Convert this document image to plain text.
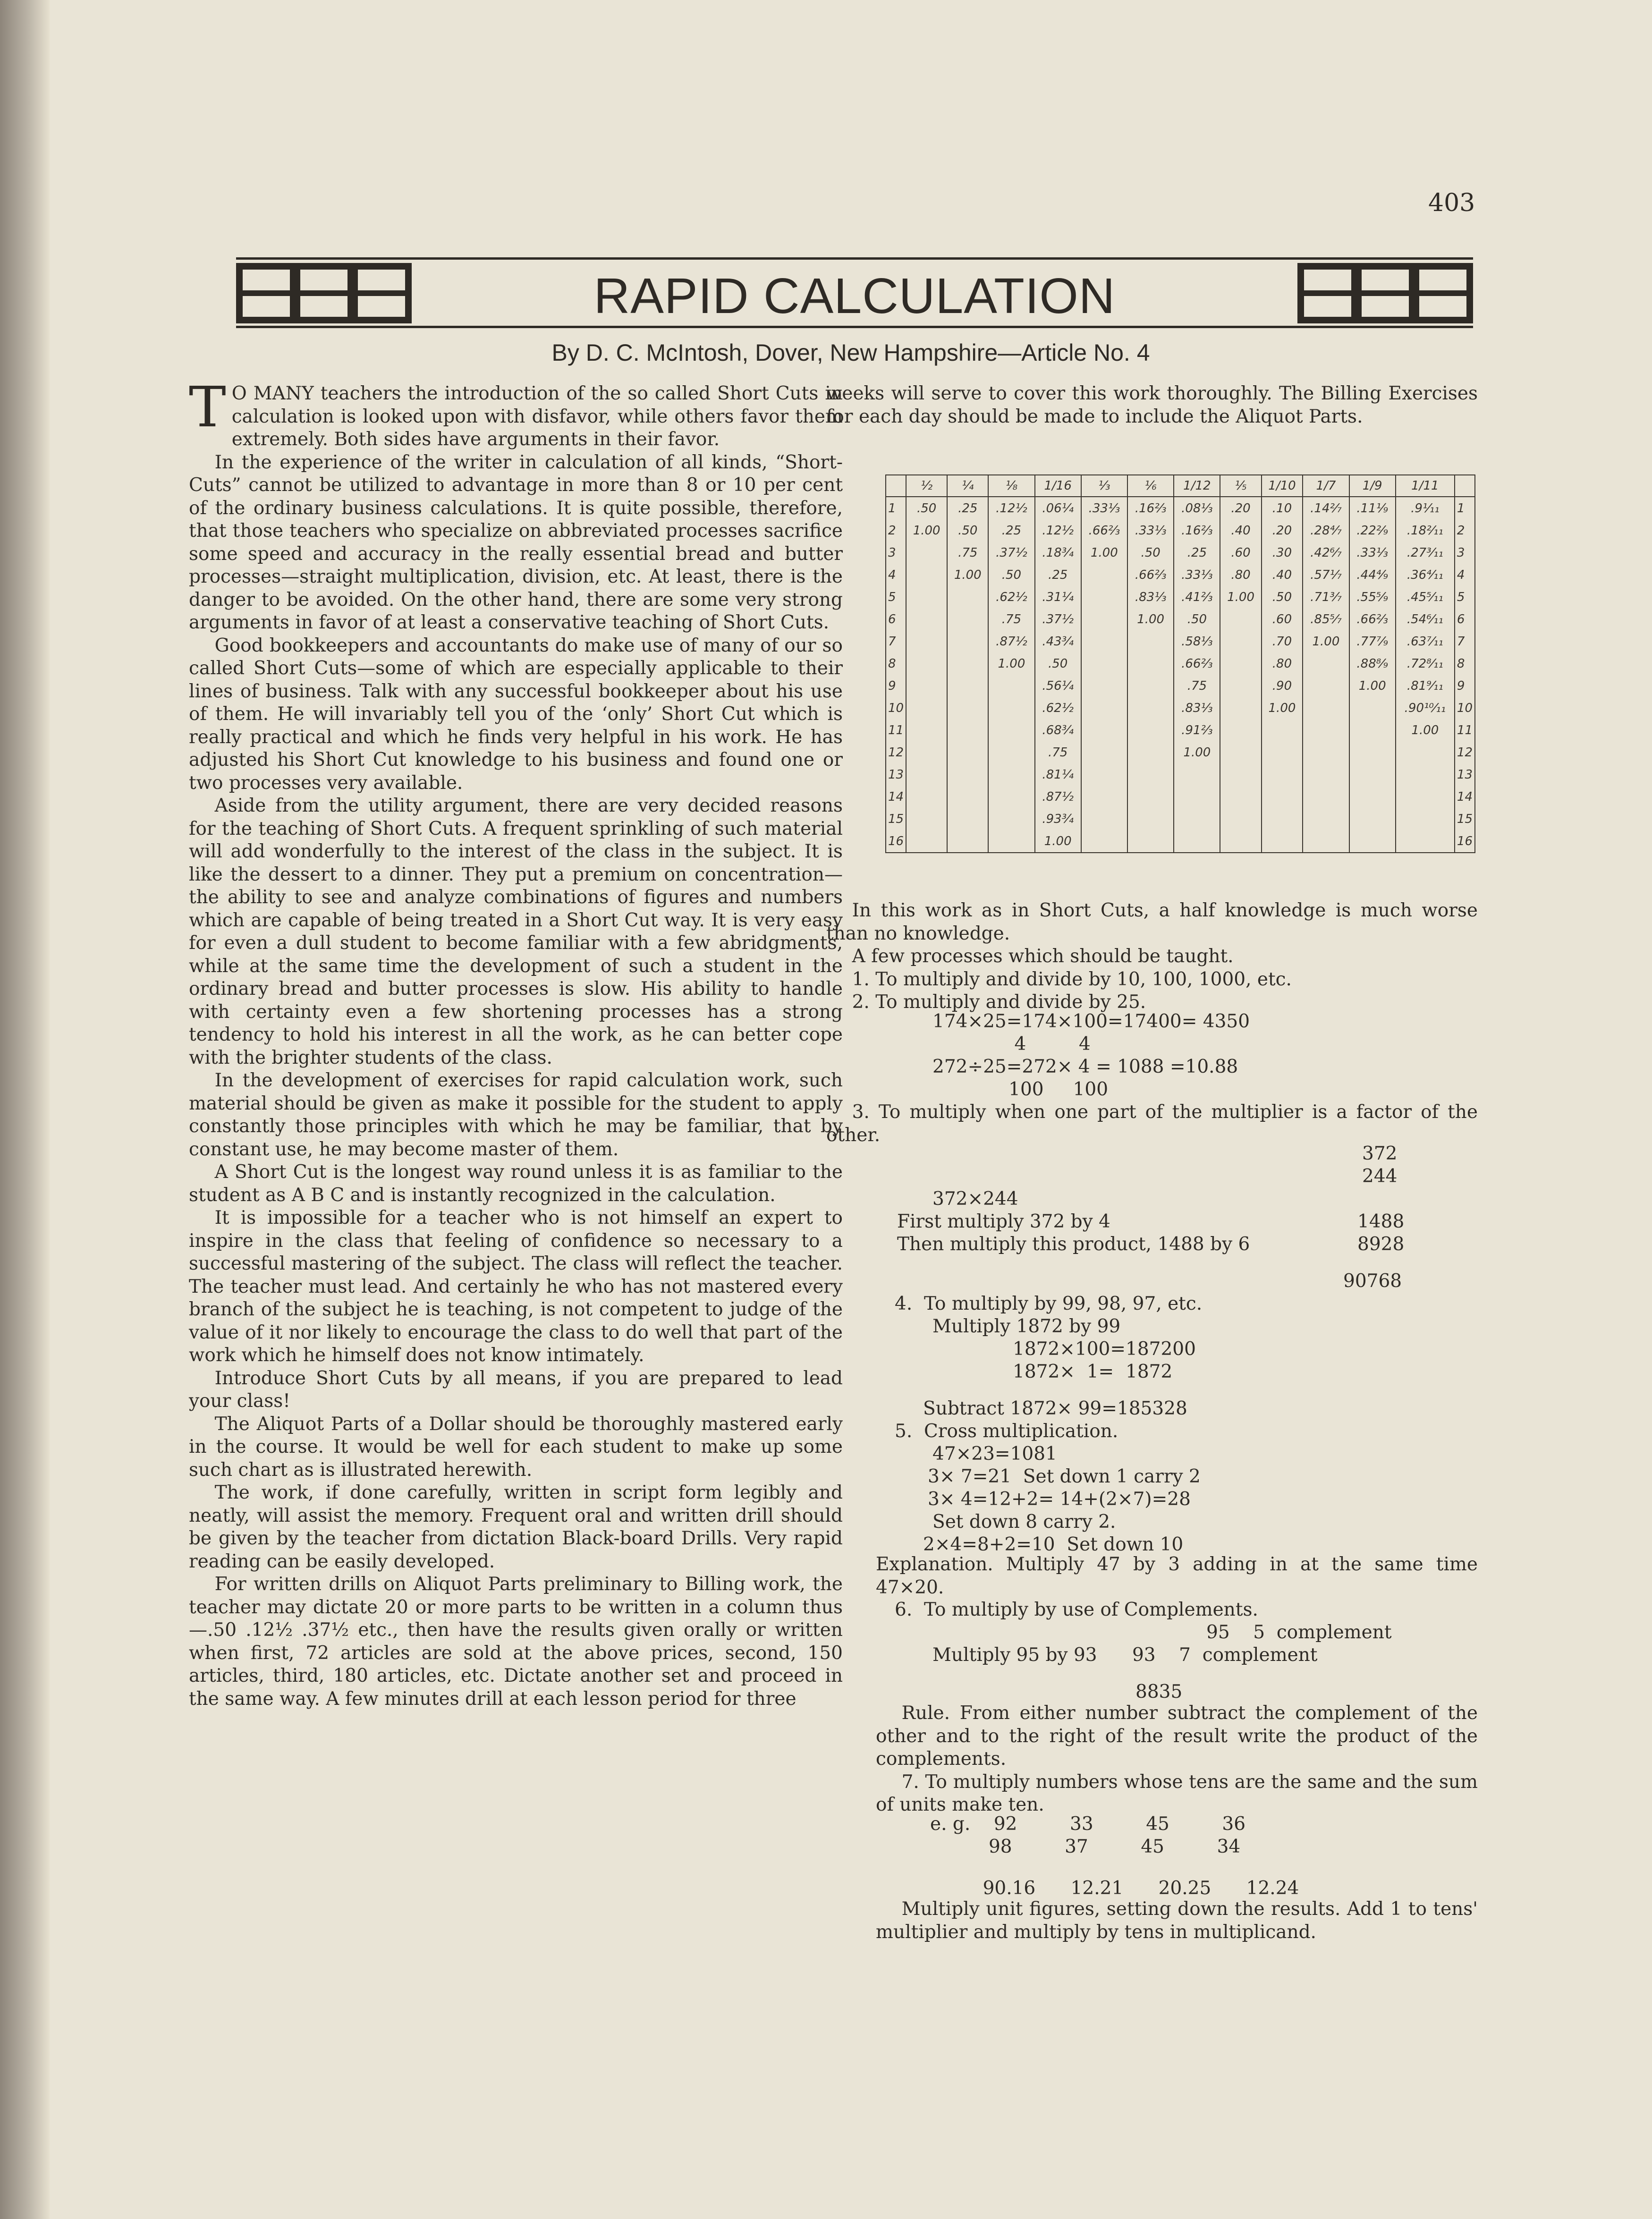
403
RAPID CALCULATION
By D. C. McIntosh, Dover, New Hampshire—Article No. 4

T O MANY teachers the introduction of the so called Short Cuts in calculation is looked upon with disfavor, while others favor them extremely. Both sides have arguments in their favor.

In the experience of the writer in calculation of all kinds, “Short-Cuts” cannot be utilized to advantage in more than 8 or 10 per cent of the ordinary business calculations. It is quite possible, therefore, that those teachers who specialize on abbreviated processes sacrifice some speed and accuracy in the really essential bread and butter processes—straight multiplication, division, etc. At least, there is the danger to be avoided. On the other hand, there are some very strong arguments in favor of at least a conservative teaching of Short Cuts.

Good bookkeepers and accountants do make use of many of our so called Short Cuts—some of which are especially applicable to their lines of business. Talk with any successful bookkeeper about his use of them. He will invariably tell you of the ‘only’ Short Cut which is really practical and which he finds very helpful in his work. He has adjusted his Short Cut knowledge to his business and found one or two processes very available.

Aside from the utility argument, there are very decided reasons for the teaching of Short Cuts. A frequent sprinkling of such material will add wonderfully to the interest of the class in the subject. It is like the dessert to a dinner. They put a premium on concentration—the ability to see and analyze combinations of figures and numbers which are capable of being treated in a Short Cut way. It is very easy for even a dull student to become familiar with a few abridgments, while at the same time the development of such a student in the ordinary bread and butter processes is slow. His ability to handle with certainty even a few shortening processes has a strong tendency to hold his interest in all the work, as he can better cope with the brighter students of the class.

In the development of exercises for rapid calculation work, such material should be given as make it possible for the student to apply constantly those principles with which he may be familiar, that by constant use, he may become master of them.

A Short Cut is the longest way round unless it is as familiar to the student as A B C and is instantly recognized in the calculation.

It is impossible for a teacher who is not himself an expert to inspire in the class that feeling of confidence so necessary to a successful mastering of the subject. The class will reflect the teacher. The teacher must lead. And certainly he who has not mastered every branch of the subject he is teaching, is not competent to judge of the value of it nor likely to encourage the class to do well that part of the work which he himself does not know intimately.

Introduce Short Cuts by all means, if you are prepared to lead your class!

The Aliquot Parts of a Dollar should be thoroughly mastered early in the course. It would be well for each student to make up some such chart as is illustrated herewith.

The work, if done carefully, written in script form legibly and neatly, will assist the memory. Frequent oral and written drill should be given by the teacher from dictation Black-board Drills. Very rapid reading can be easily developed.

For written drills on Aliquot Parts preliminary to Billing work, the teacher may dictate 20 or more parts to be written in a column thus—.50 .12½ .37½ etc., then have the results given orally or written when first, 72 articles are sold at the above prices, second, 150 articles, third, 180 articles, etc. Dictate another set and proceed in the same way. A few minutes drill at each lesson period for three

weeks will serve to cover this work thoroughly. The Billing Exercises for each day should be made to include the Aliquot Parts.

	½	¼	⅛	1/16	⅓	⅙	1/12	⅕	1/10	1/7	1/9	1/11	
1	.50	.25	.12½	.06¼	.33⅓	.16⅔	.08⅓	.20	.10	.14²⁄₇	.11⅑	.9¹⁄₁₁	1
2	1.00	.50	.25	.12½	.66⅔	.33⅓	.16⅔	.40	.20	.28⁴⁄₇	.22²⁄₉	.18²⁄₁₁	2
3		.75	.37½	.18¾	1.00	.50	.25	.60	.30	.42⁶⁄₇	.33⅓	.27³⁄₁₁	3
4		1.00	.50	.25		.66⅔	.33⅓	.80	.40	.57¹⁄₇	.44⁴⁄₉	.36⁴⁄₁₁	4
5			.62½	.31¼		.83⅓	.41⅔	1.00	.50	.71³⁄₇	.55⁵⁄₉	.45⁵⁄₁₁	5
6			.75	.37½		1.00	.50		.60	.85⁵⁄₇	.66⅔	.54⁶⁄₁₁	6
7			.87½	.43¾			.58⅓		.70	1.00	.77⁷⁄₉	.63⁷⁄₁₁	7
8			1.00	.50			.66⅔		.80		.88⁸⁄₉	.72⁸⁄₁₁	8
9				.56¼			.75		.90		1.00	.81⁹⁄₁₁	9
10				.62½			.83⅓		1.00			.90¹⁰⁄₁₁	10
11				.68¾			.91⅔					1.00	11
12				.75			1.00						12
13				.81¼									13
14				.87½									14
15				.93¾									15
16				1.00									16

In this work as in Short Cuts, a half knowledge is much worse than no knowledge.

A few processes which should be taught.

1. To multiply and divide by 10, 100, 1000, etc.
2. To multiply and divide by 25.
174×25=174×100=17400= 4350
4         4
272÷25=272× 4 = 1088 =10.88
100     100

3. To multiply when one part of the multiplier is a factor of the other.

372
244
372×244
First multiply 372 by 4	1488
Then multiply this product, 1488 by 6	8928
90768
4.  To multiply by 99, 98, 97, etc.
Multiply 1872 by 99
1872×100=187200
1872×  1=  1872
Subtract 1872× 99=185328
5.  Cross multiplication.
47×23=1081
3× 7=21  Set down 1 carry 2
3× 4=12+2= 14+(2×7)=28
Set down 8 carry 2.
2×4=8+2=10  Set down 10

Explanation. Multiply 47 by 3 adding in at the same time 47×20.

6.  To multiply by use of Complements.
95    5  complement
Multiply 95 by 93      93    7  complement
8835

Rule. From either number subtract the complement of the other and to the right of the result write the product of the complements.

7. To multiply numbers whose tens are the same and the sum of units make ten.

e. g.    92         33         45         36
98         37         45         34
90.16      12.21      20.25      12.24

Multiply unit figures, setting down the results. Add 1 to tens' multiplier and multiply by tens in multiplicand.
